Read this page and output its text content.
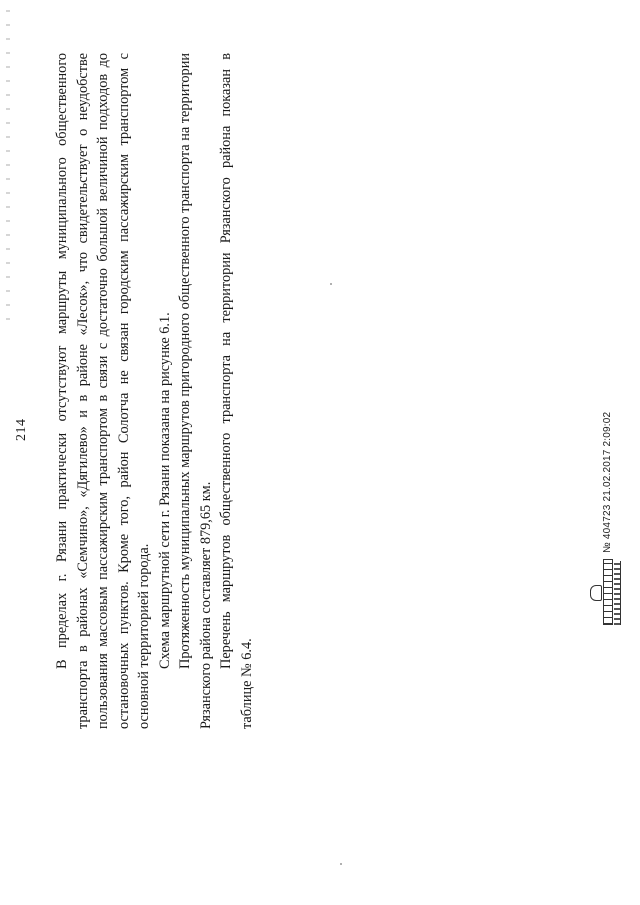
214 В пределах г. Рязани практически отсутствуют маршруты муниципального общественного транспорта в районах «Семчино», «Дягилево» и в районе «Лесок», что свидетельствует о неудобстве пользования массовым пассажирским транспортом в связи с достаточно большой величиной подходов до остановочных пунктов. Кроме того, район Солотча не связан городским пассажирским транспортом с основной территорией города. Схема маршрутной сети г. Рязани показана на рисунке 6.1. Протяженность муниципальных маршрутов пригородного общественного транспорта на территории Рязанского района составляет 879,65 км. Перечень маршрутов общественного транспорта на территории Рязанского района показан в таблице № 6.4.

№ 404723 21.02.2017 2:09:02
